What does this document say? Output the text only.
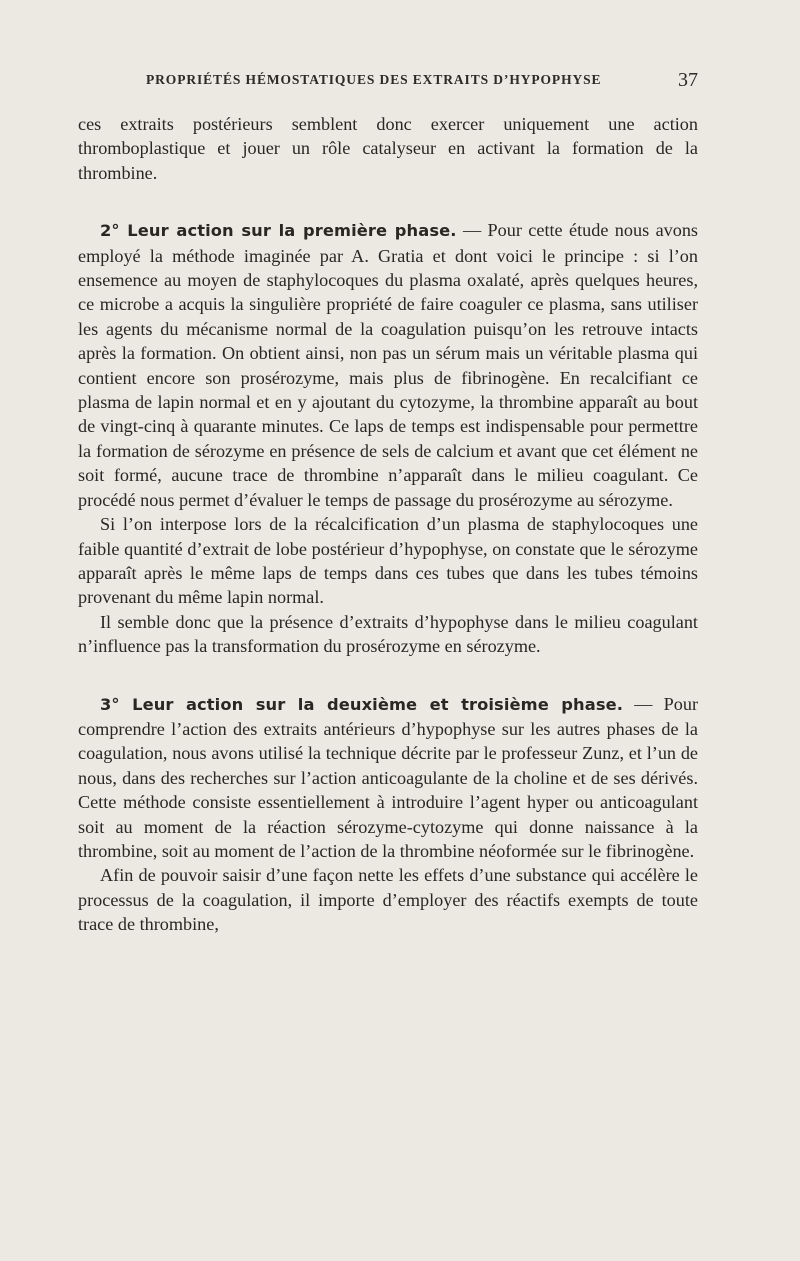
PROPRIÉTÉS HÉMOSTATIQUES DES EXTRAITS D’HYPOPHYSE	37

ces extraits postérieurs semblent donc exercer uniquement une action thromboplastique et jouer un rôle catalyseur en activant la formation de la thrombine.

2° Leur action sur la première phase. — Pour cette étude nous avons employé la méthode imaginée par A. Gratia et dont voici le principe : si l’on ensemence au moyen de staphylocoques du plasma oxalaté, après quelques heures, ce microbe a acquis la singulière propriété de faire coaguler ce plasma, sans utiliser les agents du mécanisme normal de la coagulation puisqu’on les retrouve intacts après la formation. On obtient ainsi, non pas un sérum mais un véritable plasma qui contient encore son prosérozyme, mais plus de fibrinogène. En recalcifiant ce plasma de lapin normal et en y ajoutant du cytozyme, la thrombine apparaît au bout de vingt-cinq à quarante minutes. Ce laps de temps est indispensable pour permettre la formation de sérozyme en présence de sels de calcium et avant que cet élément ne soit formé, aucune trace de thrombine n’apparaît dans le milieu coagulant. Ce procédé nous permet d’évaluer le temps de passage du prosérozyme au sérozyme.

Si l’on interpose lors de la récalcification d’un plasma de staphylocoques une faible quantité d’extrait de lobe postérieur d’hypophyse, on constate que le sérozyme apparaît après le même laps de temps dans ces tubes que dans les tubes témoins provenant du même lapin normal.

Il semble donc que la présence d’extraits d’hypophyse dans le milieu coagulant n’influence pas la transformation du prosérozyme en sérozyme.

3° Leur action sur la deuxième et troisième phase. — Pour comprendre l’action des extraits antérieurs d’hypophyse sur les autres phases de la coagulation, nous avons utilisé la technique décrite par le professeur Zunz, et l’un de nous, dans des recherches sur l’action anticoagulante de la choline et de ses dérivés. Cette méthode consiste essentiellement à introduire l’agent hyper ou anticoagulant soit au moment de la réaction sérozyme-cytozyme qui donne naissance à la thrombine, soit au moment de l’action de la thrombine néoformée sur le fibrinogène.

Afin de pouvoir saisir d’une façon nette les effets d’une substance qui accélère le processus de la coagulation, il importe d’employer des réactifs exempts de toute trace de thrombine,
